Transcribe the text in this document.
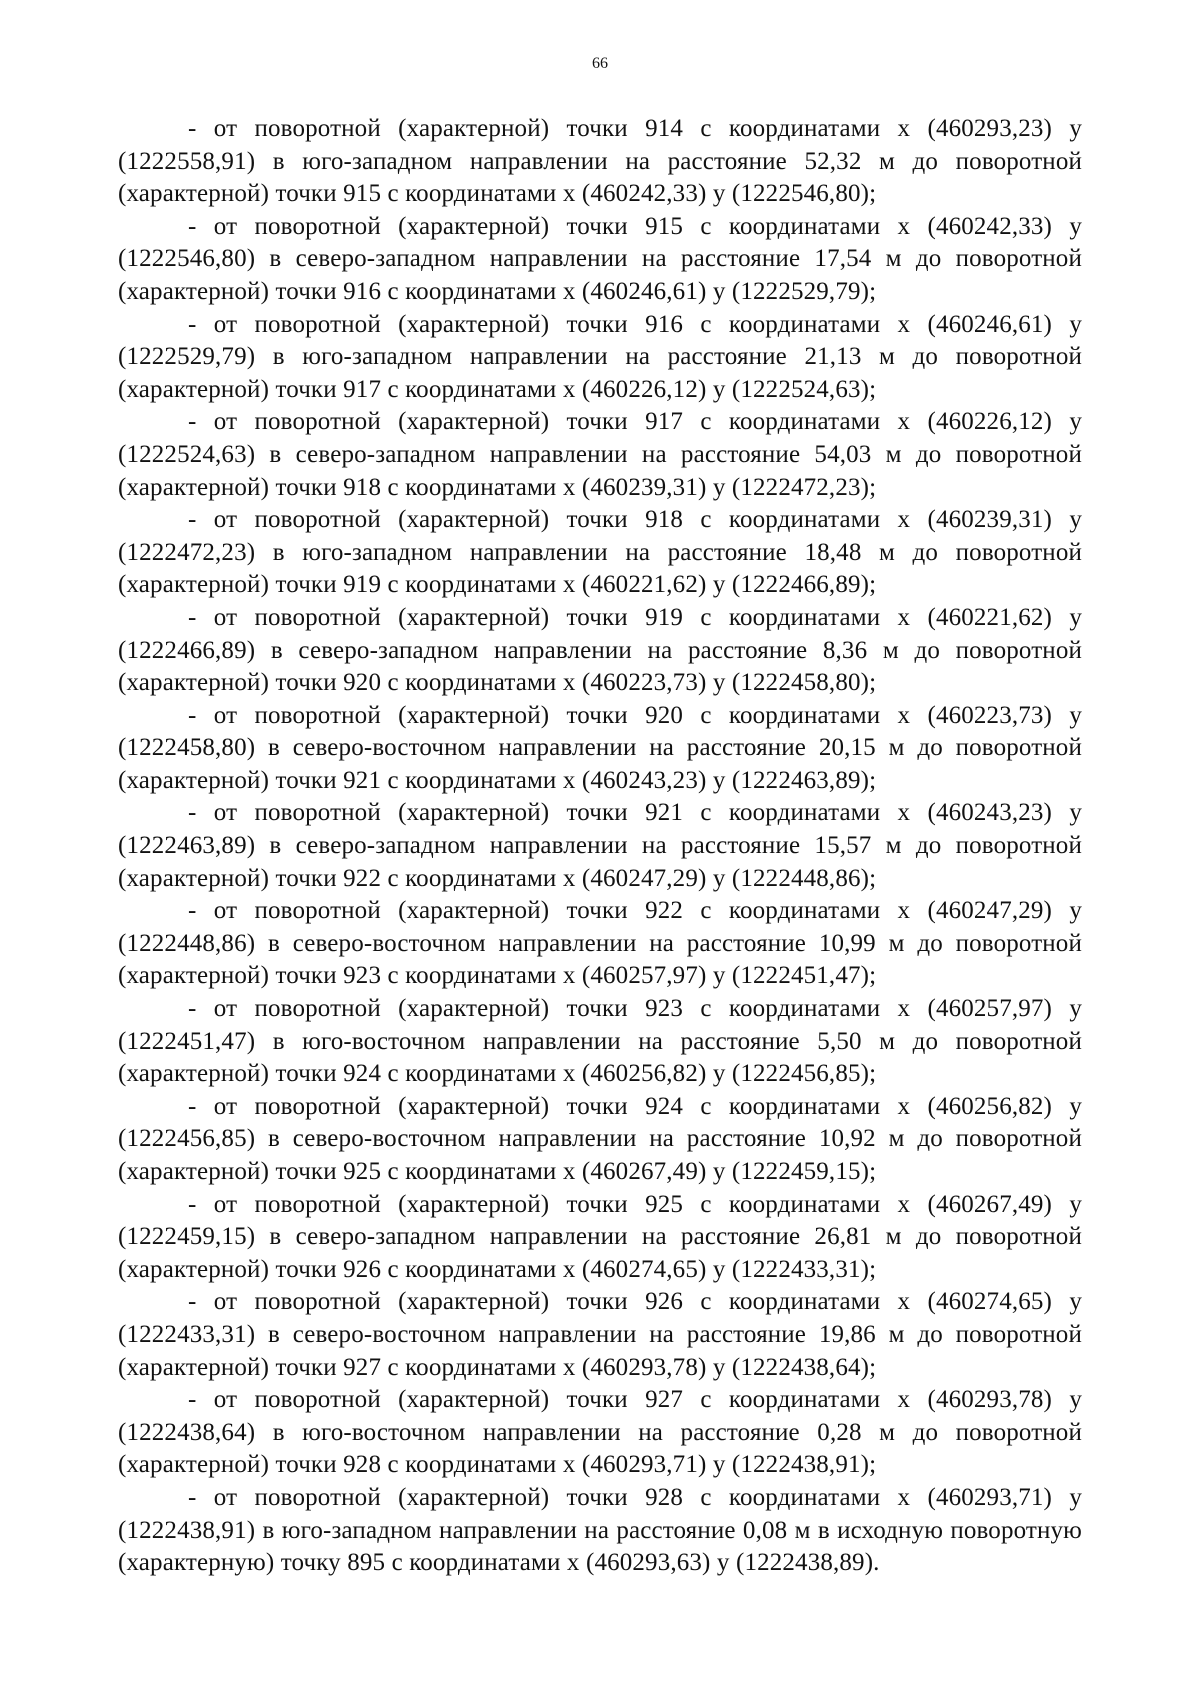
66

- от поворотной (характерной) точки 914 с координатами х (460293,23) у (1222558,91) в юго-западном направлении на расстояние 52,32 м до поворотной (характерной) точки 915 с координатами х (460242,33) у (1222546,80);

- от поворотной (характерной) точки 915 с координатами х (460242,33) у (1222546,80) в северо-западном направлении на расстояние 17,54 м до поворотной (характерной) точки 916 с координатами х (460246,61) у (1222529,79);

- от поворотной (характерной) точки 916 с координатами х (460246,61) у (1222529,79) в юго-западном направлении на расстояние 21,13 м до поворотной (характерной) точки 917 с координатами х (460226,12) у (1222524,63);

- от поворотной (характерной) точки 917 с координатами х (460226,12) у (1222524,63) в северо-западном направлении на расстояние 54,03 м до поворотной (характерной) точки 918 с координатами х (460239,31) у (1222472,23);

- от поворотной (характерной) точки 918 с координатами х (460239,31) у (1222472,23) в юго-западном направлении на расстояние 18,48 м до поворотной (характерной) точки 919 с координатами х (460221,62) у (1222466,89);

- от поворотной (характерной) точки 919 с координатами х (460221,62) у (1222466,89) в северо-западном направлении на расстояние 8,36 м до поворотной (характерной) точки 920 с координатами х (460223,73) у (1222458,80);

- от поворотной (характерной) точки 920 с координатами х (460223,73) у (1222458,80) в северо-восточном направлении на расстояние 20,15 м до поворотной (характерной) точки 921 с координатами х (460243,23) у (1222463,89);

- от поворотной (характерной) точки 921 с координатами х (460243,23) у (1222463,89) в северо-западном направлении на расстояние 15,57 м до поворотной (характерной) точки 922 с координатами х (460247,29) у (1222448,86);

- от поворотной (характерной) точки 922 с координатами х (460247,29) у (1222448,86) в северо-восточном направлении на расстояние 10,99 м до поворотной (характерной) точки 923 с координатами х (460257,97) у (1222451,47);

- от поворотной (характерной) точки 923 с координатами х (460257,97) у (1222451,47) в юго-восточном направлении на расстояние 5,50 м до поворотной (характерной) точки 924 с координатами х (460256,82) у (1222456,85);

- от поворотной (характерной) точки 924 с координатами х (460256,82) у (1222456,85) в северо-восточном направлении на расстояние 10,92 м до поворотной (характерной) точки 925 с координатами х (460267,49) у (1222459,15);

- от поворотной (характерной) точки 925 с координатами х (460267,49) у (1222459,15) в северо-западном направлении на расстояние 26,81 м до поворотной (характерной) точки 926 с координатами х (460274,65) у (1222433,31);

- от поворотной (характерной) точки 926 с координатами х (460274,65) у (1222433,31) в северо-восточном направлении на расстояние 19,86 м до поворотной (характерной) точки 927 с координатами х (460293,78) у (1222438,64);

- от поворотной (характерной) точки 927 с координатами х (460293,78) у (1222438,64) в юго-восточном направлении на расстояние 0,28 м до поворотной (характерной) точки 928 с координатами х (460293,71) у (1222438,91);

- от поворотной (характерной) точки 928 с координатами х (460293,71) у (1222438,91) в юго-западном направлении на расстояние 0,08 м в исходную поворотную (характерную) точку 895 с координатами х (460293,63) у (1222438,89).
